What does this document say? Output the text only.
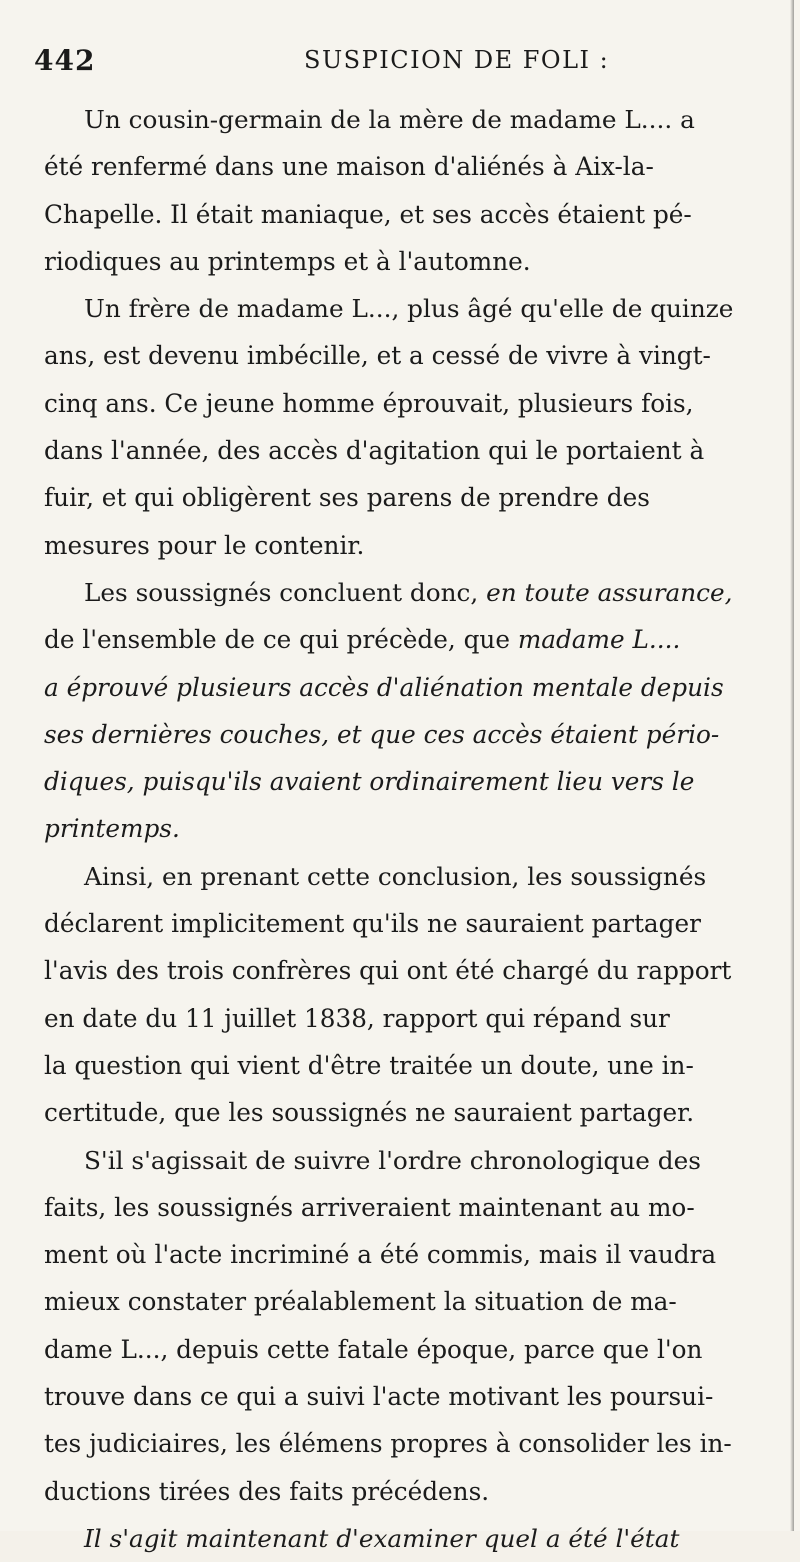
442	SUSPICION DE FOLI :
Un cousin-germain de la mère de madame L.... a
été renfermé dans une maison d'aliénés à Aix-la-
Chapelle. Il était maniaque, et ses accès étaient pé-
riodiques au printemps et à l'automne.
Un frère de madame L..., plus âgé qu'elle de quinze
ans, est devenu imbécille, et a cessé de vivre à vingt-
cinq ans. Ce jeune homme éprouvait, plusieurs fois,
dans l'année, des accès d'agitation qui le portaient à
fuir, et qui obligèrent ses parens de prendre des
mesures pour le contenir.
Les soussignés concluent donc, en toute assurance,
de l'ensemble de ce qui précède, que madame L....
a éprouvé plusieurs accès d'aliénation mentale depuis
ses dernières couches, et que ces accès étaient pério-
diques, puisqu'ils avaient ordinairement lieu vers le
printemps.
Ainsi, en prenant cette conclusion, les soussignés
déclarent implicitement qu'ils ne sauraient partager
l'avis des trois confrères qui ont été chargé du rapport
en date du 11 juillet 1838, rapport qui répand sur
la question qui vient d'être traitée un doute, une in-
certitude, que les soussignés ne sauraient partager.
S'il s'agissait de suivre l'ordre chronologique des
faits, les soussignés arriveraient maintenant au mo-
ment où l'acte incriminé a été commis, mais il vaudra
mieux constater préalablement la situation de ma-
dame L..., depuis cette fatale époque, parce que l'on
trouve dans ce qui a suivi l'acte motivant les poursui-
tes judiciaires, les élémens propres à consolider les in-
ductions tirées des faits précédens.
Il s'agit maintenant d'examiner quel a été l'état
